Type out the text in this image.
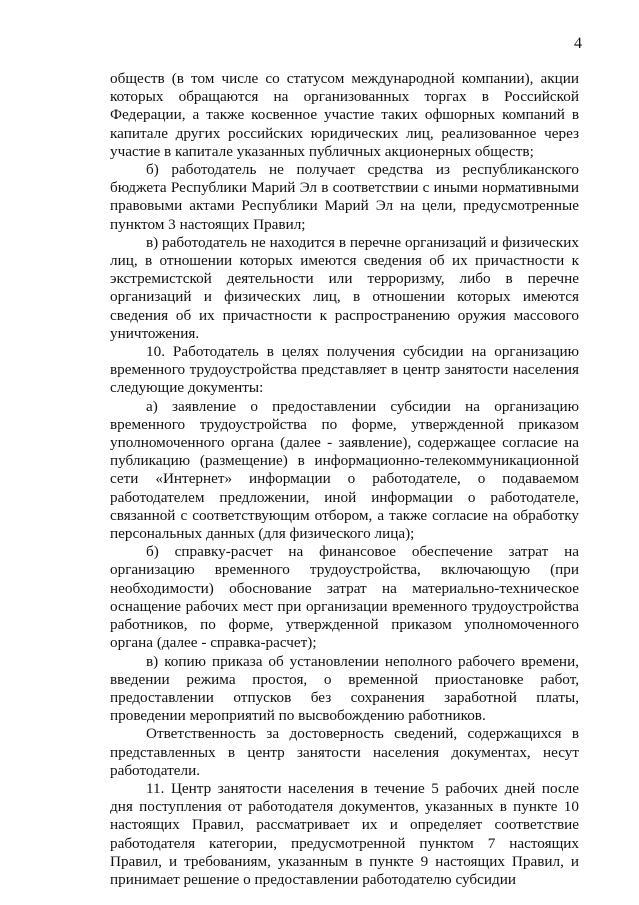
4

обществ (в том числе со статусом международной компании), акции которых обращаются на организованных торгах в Российской Федерации, а также косвенное участие таких офшорных компаний в капитале других российских юридических лиц, реализованное через участие в капитале указанных публичных акционерных обществ;

б) работодатель не получает средства из республиканского бюджета Республики Марий Эл в соответствии с иными нормативными правовыми актами Республики Марий Эл на цели, предусмотренные пунктом 3 настоящих Правил;

в) работодатель не находится в перечне организаций и физических лиц, в отношении которых имеются сведения об их причастности к экстремистской деятельности или терроризму, либо в перечне организаций и физических лиц, в отношении которых имеются сведения об их причастности к распространению оружия массового уничтожения.

10. Работодатель в целях получения субсидии на организацию временного трудоустройства представляет в центр занятости населения следующие документы:

а) заявление о предоставлении субсидии на организацию временного трудоустройства по форме, утвержденной приказом уполномоченного органа (далее - заявление), содержащее согласие на публикацию (размещение) в информационно-телекоммуникационной сети «Интернет» информации о работодателе, о подаваемом работодателем предложении, иной информации о работодателе, связанной с соответствующим отбором, а также согласие на обработку персональных данных (для физического лица);

б) справку-расчет на финансовое обеспечение затрат на организацию временного трудоустройства, включающую (при необходимости) обоснование затрат на материально-техническое оснащение рабочих мест при организации временного трудоустройства работников, по форме, утвержденной приказом уполномоченного органа (далее - справка-расчет);

в) копию приказа об установлении неполного рабочего времени, введении режима простоя, о временной приостановке работ, предоставлении отпусков без сохранения заработной платы, проведении мероприятий по высвобождению работников.

Ответственность за достоверность сведений, содержащихся в представленных в центр занятости населения документах, несут работодатели.

11. Центр занятости населения в течение 5 рабочих дней после дня поступления от работодателя документов, указанных в пункте 10 настоящих Правил, рассматривает их и определяет соответствие работодателя категории, предусмотренной пунктом 7 настоящих Правил, и требованиям, указанным в пункте 9 настоящих Правил, и принимает решение о предоставлении работодателю субсидии
